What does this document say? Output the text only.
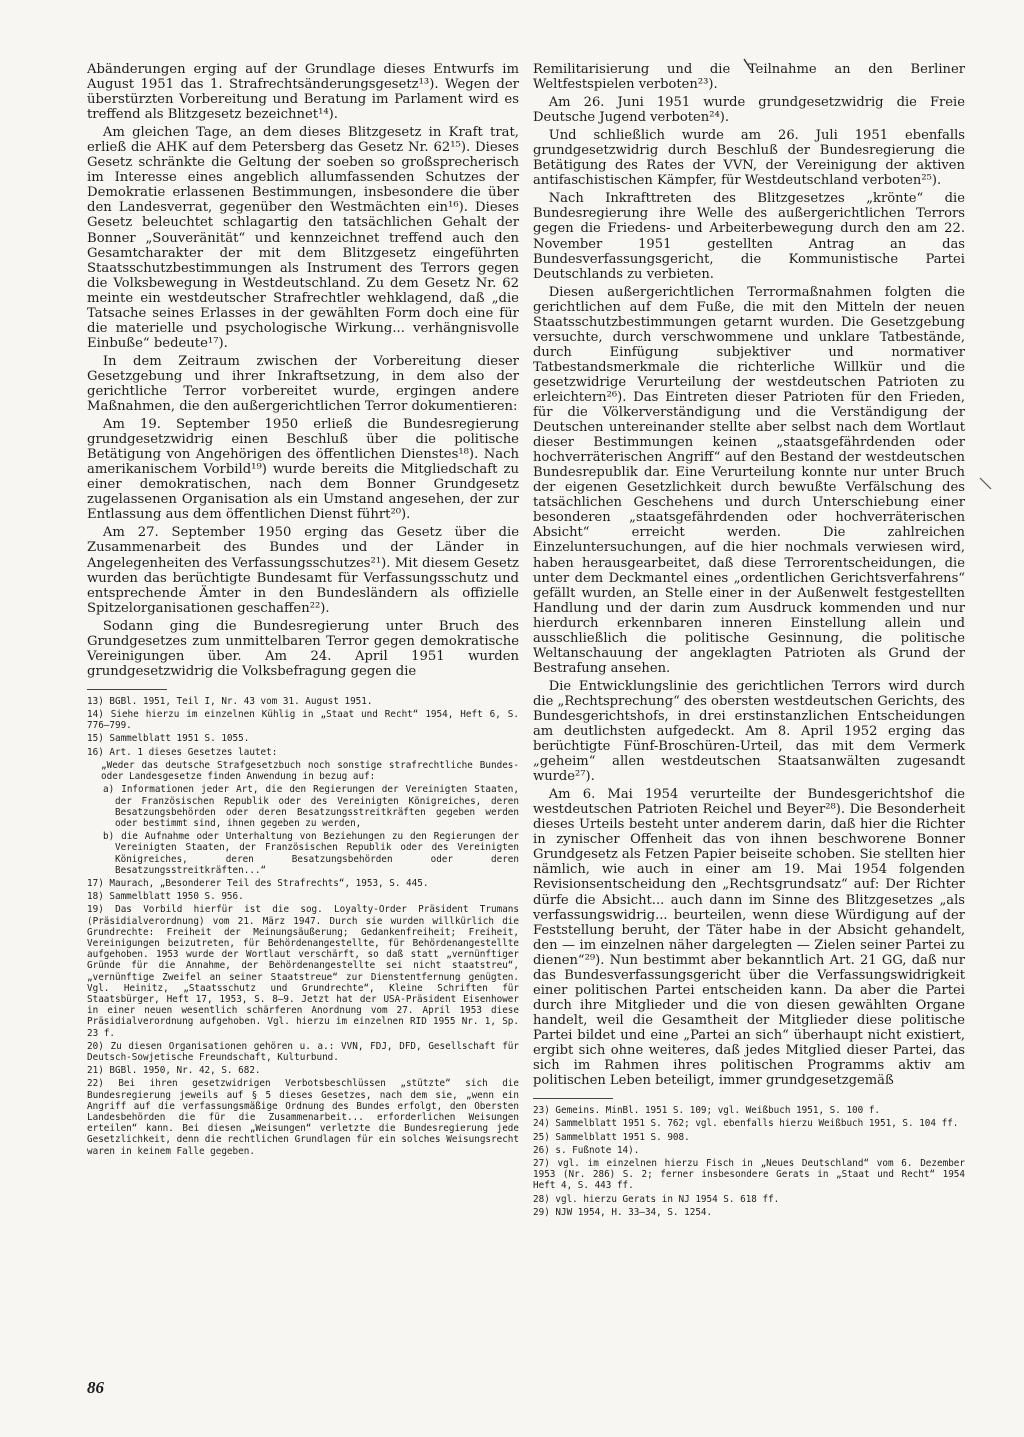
Abänderungen erging auf der Grundlage dieses Entwurfs im August 1951 das 1. Strafrechtsänderungsgesetz¹³). Wegen der überstürzten Vorbereitung und Beratung im Parlament wird es treffend als Blitzgesetz bezeichnet¹⁴).

Am gleichen Tage, an dem dieses Blitzgesetz in Kraft trat, erließ die AHK auf dem Petersberg das Gesetz Nr. 62¹⁵). Dieses Gesetz schränkte die Geltung der soeben so großsprecherisch im Interesse eines angeblich allumfassenden Schutzes der Demokratie erlassenen Bestimmungen, insbesondere die über den Landesverrat, gegenüber den Westmächten ein¹⁶). Dieses Gesetz beleuchtet schlagartig den tatsächlichen Gehalt der Bonner „Souveränität“ und kennzeichnet treffend auch den Gesamtcharakter der mit dem Blitzgesetz eingeführten Staatsschutzbestimmungen als Instrument des Terrors gegen die Volksbewegung in Westdeutschland. Zu dem Gesetz Nr. 62 meinte ein westdeutscher Strafrechtler wehklagend, daß „die Tatsache seines Erlasses in der gewählten Form doch eine für die materielle und psychologische Wirkung... verhängnisvolle Einbuße“ bedeute¹⁷).

In dem Zeitraum zwischen der Vorbereitung dieser Gesetzgebung und ihrer Inkraftsetzung, in dem also der gerichtliche Terror vorbereitet wurde, ergingen andere Maßnahmen, die den außergerichtlichen Terror dokumentieren:

Am 19. September 1950 erließ die Bundesregierung grundgesetzwidrig einen Beschluß über die politische Betätigung von Angehörigen des öffentlichen Dienstes¹⁸). Nach amerikanischem Vorbild¹⁹) wurde bereits die Mitgliedschaft zu einer demokratischen, nach dem Bonner Grundgesetz zugelassenen Organisation als ein Umstand angesehen, der zur Entlassung aus dem öffentlichen Dienst führt²⁰).

Am 27. September 1950 erging das Gesetz über die Zusammenarbeit des Bundes und der Länder in Angelegenheiten des Verfassungsschutzes²¹). Mit diesem Gesetz wurden das berüchtigte Bundesamt für Verfassungsschutz und entsprechende Ämter in den Bundesländern als offizielle Spitzelorganisationen geschaffen²²).

Sodann ging die Bundesregierung unter Bruch des Grundgesetzes zum unmittelbaren Terror gegen demokratische Vereinigungen über. Am 24. April 1951 wurden grundgesetzwidrig die Volksbefragung gegen die

13) BGBl. 1951, Teil I, Nr. 43 vom 31. August 1951.

14) Siehe hierzu im einzelnen Kühlig in „Staat und Recht“ 1954, Heft 6, S. 776—799.

15) Sammelblatt 1951 S. 1055.

16) Art. 1 dieses Gesetzes lautet:

„Weder das deutsche Strafgesetzbuch noch sonstige strafrechtliche Bundes- oder Landesgesetze finden Anwendung in bezug auf:

a) Informationen jeder Art, die den Regierungen der Vereinigten Staaten, der Französischen Republik oder des Vereinigten Königreiches, deren Besatzungsbehörden oder deren Besatzungsstreitkräften gegeben werden oder bestimmt sind, ihnen gegeben zu werden,

b) die Aufnahme oder Unterhaltung von Beziehungen zu den Regierungen der Vereinigten Staaten, der Französischen Republik oder des Vereinigten Königreiches, deren Besatzungsbehörden oder deren Besatzungsstreitkräften...“

17) Maurach, „Besonderer Teil des Strafrechts“, 1953, S. 445.

18) Sammelblatt 1950 S. 956.

19) Das Vorbild hierfür ist die sog. Loyalty-Order Präsident Trumans (Präsidialverordnung) vom 21. März 1947. Durch sie wurden willkürlich die Grundrechte: Freiheit der Meinungsäußerung; Gedankenfreiheit; Freiheit, Vereinigungen beizutreten, für Behördenangestellte, für Behördenangestellte aufgehoben. 1953 wurde der Wortlaut verschärft, so daß statt „vernünftiger Gründe für die Annahme, der Behördenangestellte sei nicht staatstreu“, „vernünftige Zweifel an seiner Staatstreue“ zur Dienstentfernung genügten. Vgl. Heinitz, „Staatsschutz und Grundrechte“, Kleine Schriften für Staatsbürger, Heft 17, 1953, S. 8—9. Jetzt hat der USA-Präsident Eisenhower in einer neuen wesentlich schärferen Anordnung vom 27. April 1953 diese Präsidialverordnung aufgehoben. Vgl. hierzu im einzelnen RID 1955 Nr. 1, Sp. 23 f.

20) Zu diesen Organisationen gehören u. a.: VVN, FDJ, DFD, Gesellschaft für Deutsch-Sowjetische Freundschaft, Kulturbund.

21) BGBl. 1950, Nr. 42, S. 682.

22) Bei ihren gesetzwidrigen Verbotsbeschlüssen „stützte“ sich die Bundesregierung jeweils auf § 5 dieses Gesetzes, nach dem sie, „wenn ein Angriff auf die verfassungsmäßige Ordnung des Bundes erfolgt, den Obersten Landesbehörden die für die Zusammenarbeit... erforderlichen Weisungen erteilen“ kann. Bei diesen „Weisungen“ verletzte die Bundesregierung jede Gesetzlichkeit, denn die rechtlichen Grundlagen für ein solches Weisungsrecht waren in keinem Falle gegeben.

Remilitarisierung und die Teilnahme an den Berliner Weltfestspielen verboten²³).

Am 26. Juni 1951 wurde grundgesetzwidrig die Freie Deutsche Jugend verboten²⁴).

Und schließlich wurde am 26. Juli 1951 ebenfalls grundgesetzwidrig durch Beschluß der Bundesregierung die Betätigung des Rates der VVN, der Vereinigung der aktiven antifaschistischen Kämpfer, für Westdeutschland verboten²⁵).

Nach Inkrafttreten des Blitzgesetzes „krönte“ die Bundesregierung ihre Welle des außergerichtlichen Terrors gegen die Friedens- und Arbeiterbewegung durch den am 22. November 1951 gestellten Antrag an das Bundesverfassungsgericht, die Kommunistische Partei Deutschlands zu verbieten.

Diesen außergerichtlichen Terrormaßnahmen folgten die gerichtlichen auf dem Fuße, die mit den Mitteln der neuen Staatsschutzbestimmungen getarnt wurden. Die Gesetzgebung versuchte, durch verschwommene und unklare Tatbestände, durch Einfügung subjektiver und normativer Tatbestandsmerkmale die richterliche Willkür und die gesetzwidrige Verurteilung der westdeutschen Patrioten zu erleichtern²⁶). Das Eintreten dieser Patrioten für den Frieden, für die Völkerverständigung und die Verständigung der Deutschen untereinander stellte aber selbst nach dem Wortlaut dieser Bestimmungen keinen „staatsgefährdenden oder hochverräterischen Angriff“ auf den Bestand der westdeutschen Bundesrepublik dar. Eine Verurteilung konnte nur unter Bruch der eigenen Gesetzlichkeit durch bewußte Verfälschung des tatsächlichen Geschehens und durch Unterschiebung einer besonderen „staatsgefährdenden oder hochverräterischen Absicht“ erreicht werden. Die zahlreichen Einzeluntersuchungen, auf die hier nochmals verwiesen wird, haben herausgearbeitet, daß diese Terrorentscheidungen, die unter dem Deckmantel eines „ordentlichen Gerichtsverfahrens“ gefällt wurden, an Stelle einer in der Außenwelt festgestellten Handlung und der darin zum Ausdruck kommenden und nur hierdurch erkennbaren inneren Einstellung allein und ausschließlich die politische Gesinnung, die politische Weltanschauung der angeklagten Patrioten als Grund der Bestrafung ansehen.

Die Entwicklungslinie des gerichtlichen Terrors wird durch die „Rechtsprechung“ des obersten westdeutschen Gerichts, des Bundesgerichtshofs, in drei erstinstanzlichen Entscheidungen am deutlichsten aufgedeckt. Am 8. April 1952 erging das berüchtigte Fünf-Broschüren-Urteil, das mit dem Vermerk „geheim“ allen westdeutschen Staatsanwälten zugesandt wurde²⁷).

Am 6. Mai 1954 verurteilte der Bundesgerichtshof die westdeutschen Patrioten Reichel und Beyer²⁸). Die Besonderheit dieses Urteils besteht unter anderem darin, daß hier die Richter in zynischer Offenheit das von ihnen beschworene Bonner Grundgesetz als Fetzen Papier beiseite schoben. Sie stellten hier nämlich, wie auch in einer am 19. Mai 1954 folgenden Revisionsentscheidung den „Rechtsgrundsatz“ auf: Der Richter dürfe die Absicht... auch dann im Sinne des Blitzgesetzes „als verfassungswidrig... beurteilen, wenn diese Würdigung auf der Feststellung beruht, der Täter habe in der Absicht gehandelt, den — im einzelnen näher dargelegten — Zielen seiner Partei zu dienen“²⁹). Nun bestimmt aber bekanntlich Art. 21 GG, daß nur das Bundesverfassungsgericht über die Verfassungswidrigkeit einer politischen Partei entscheiden kann. Da aber die Partei durch ihre Mitglieder und die von diesen gewählten Organe handelt, weil die Gesamtheit der Mitglieder diese politische Partei bildet und eine „Partei an sich“ überhaupt nicht existiert, ergibt sich ohne weiteres, daß jedes Mitglied dieser Partei, das sich im Rahmen ihres politischen Programms aktiv am politischen Leben beteiligt, immer grundgesetzgemäß

23) Gemeins. MinBl. 1951 S. 109; vgl. Weißbuch 1951, S. 100 f.

24) Sammelblatt 1951 S. 762; vgl. ebenfalls hierzu Weißbuch 1951, S. 104 ff.

25) Sammelblatt 1951 S. 908.

26) s. Fußnote 14).

27) vgl. im einzelnen hierzu Fisch in „Neues Deutschland“ vom 6. Dezember 1953 (Nr. 286) S. 2; ferner insbesondere Gerats in „Staat und Recht“ 1954 Heft 4, S. 443 ff.

28) vgl. hierzu Gerats in NJ 1954 S. 618 ff.

29) NJW 1954, H. 33—34, S. 1254.

86
